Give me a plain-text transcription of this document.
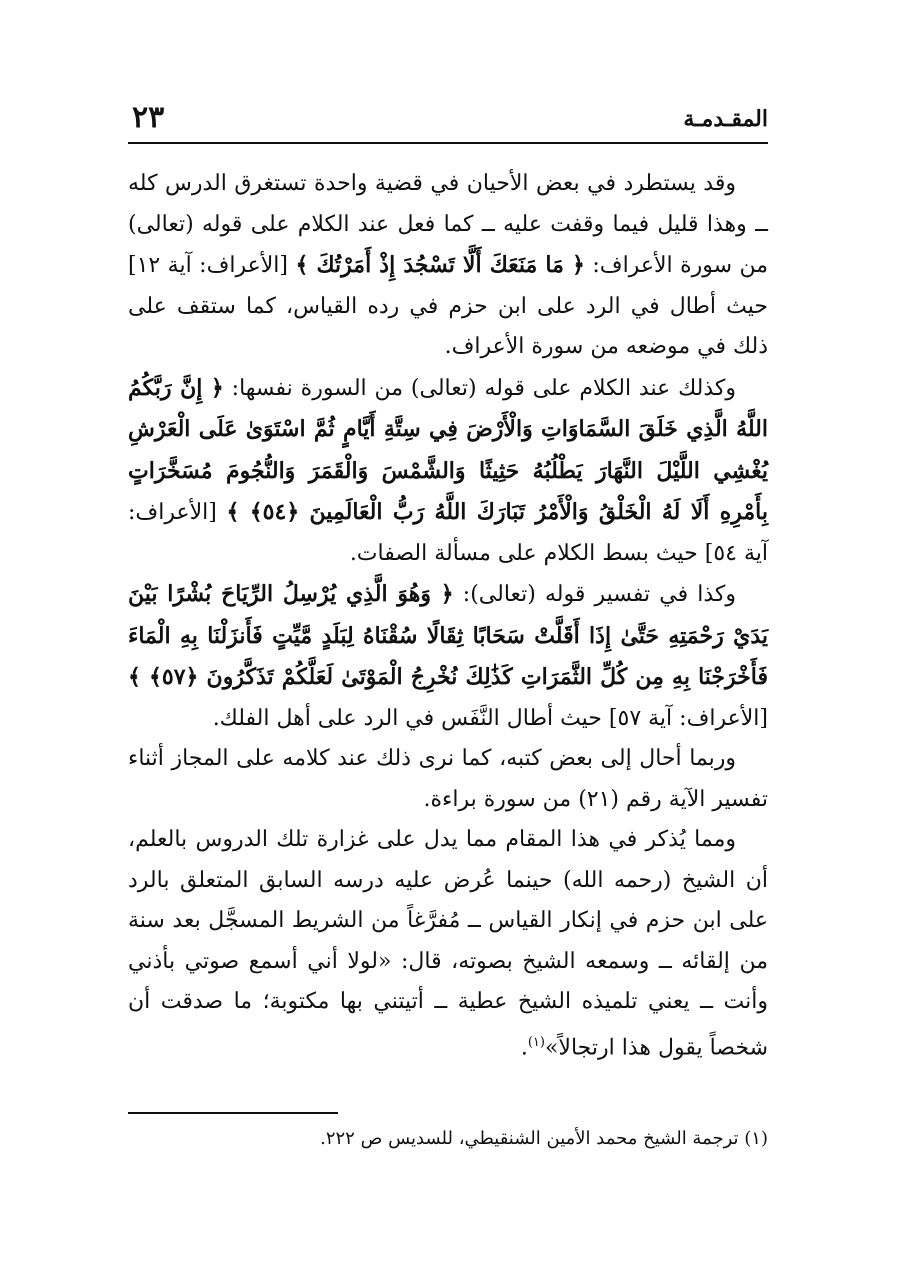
المقـدمـة
٢٣

وقد يستطرد في بعض الأحيان في قضية واحدة تستغرق الدرس كله ــ وهذا قليل فيما وقفت عليه ــ كما فعل عند الكلام على قوله (تعالى) من سورة الأعراف: ﴿ مَا مَنَعَكَ أَلَّا تَسْجُدَ إِذْ أَمَرْتُكَ ﴾ [الأعراف: آية ١٢] حيث أطال في الرد على ابن حزم في رده القياس، كما ستقف على ذلك في موضعه من سورة الأعراف.

وكذلك عند الكلام على قوله (تعالى) من السورة نفسها: ﴿ إِنَّ رَبَّكُمُ اللَّهُ الَّذِي خَلَقَ السَّمَاوَاتِ وَالْأَرْضَ فِي سِتَّةِ أَيَّامٍ ثُمَّ اسْتَوَىٰ عَلَى الْعَرْشِ يُغْشِي اللَّيْلَ النَّهَارَ يَطْلُبُهُ حَثِيثًا وَالشَّمْسَ وَالْقَمَرَ وَالنُّجُومَ مُسَخَّرَاتٍ بِأَمْرِهِ أَلَا لَهُ الْخَلْقُ وَالْأَمْرُ تَبَارَكَ اللَّهُ رَبُّ الْعَالَمِينَ ﴿٥٤﴾ ﴾ [الأعراف: آية ٥٤] حيث بسط الكلام على مسألة الصفات.

وكذا في تفسير قوله (تعالى): ﴿ وَهُوَ الَّذِي يُرْسِلُ الرِّيَاحَ بُشْرًا بَيْنَ يَدَيْ رَحْمَتِهِ حَتَّىٰ إِذَا أَقَلَّتْ سَحَابًا ثِقَالًا سُقْنَاهُ لِبَلَدٍ مَّيِّتٍ فَأَنزَلْنَا بِهِ الْمَاءَ فَأَخْرَجْنَا بِهِ مِن كُلِّ الثَّمَرَاتِ كَذَٰلِكَ نُخْرِجُ الْمَوْتَىٰ لَعَلَّكُمْ تَذَكَّرُونَ ﴿٥٧﴾ ﴾ [الأعراف: آية ٥٧] حيث أطال النَّفَس في الرد على أهل الفلك.

وربما أحال إلى بعض كتبه، كما نرى ذلك عند كلامه على المجاز أثناء تفسير الآية رقم (٢١) من سورة براءة.

ومما يُذكر في هذا المقام مما يدل على غزارة تلك الدروس بالعلم، أن الشيخ (رحمه الله) حينما عُرض عليه درسه السابق المتعلق بالرد على ابن حزم في إنكار القياس ــ مُفرَّغاً من الشريط المسجَّل بعد سنة من إلقائه ــ وسمعه الشيخ بصوته، قال: «لولا أني أسمع صوتي بأذني وأنت ــ يعني تلميذه الشيخ عطية ــ أتيتني بها مكتوبة؛ ما صدقت أن شخصاً يقول هذا ارتجالاً»$^{(١)}$.

(١) ترجمة الشيخ محمد الأمين الشنقيطي، للسديس ص ٢٢٢.
